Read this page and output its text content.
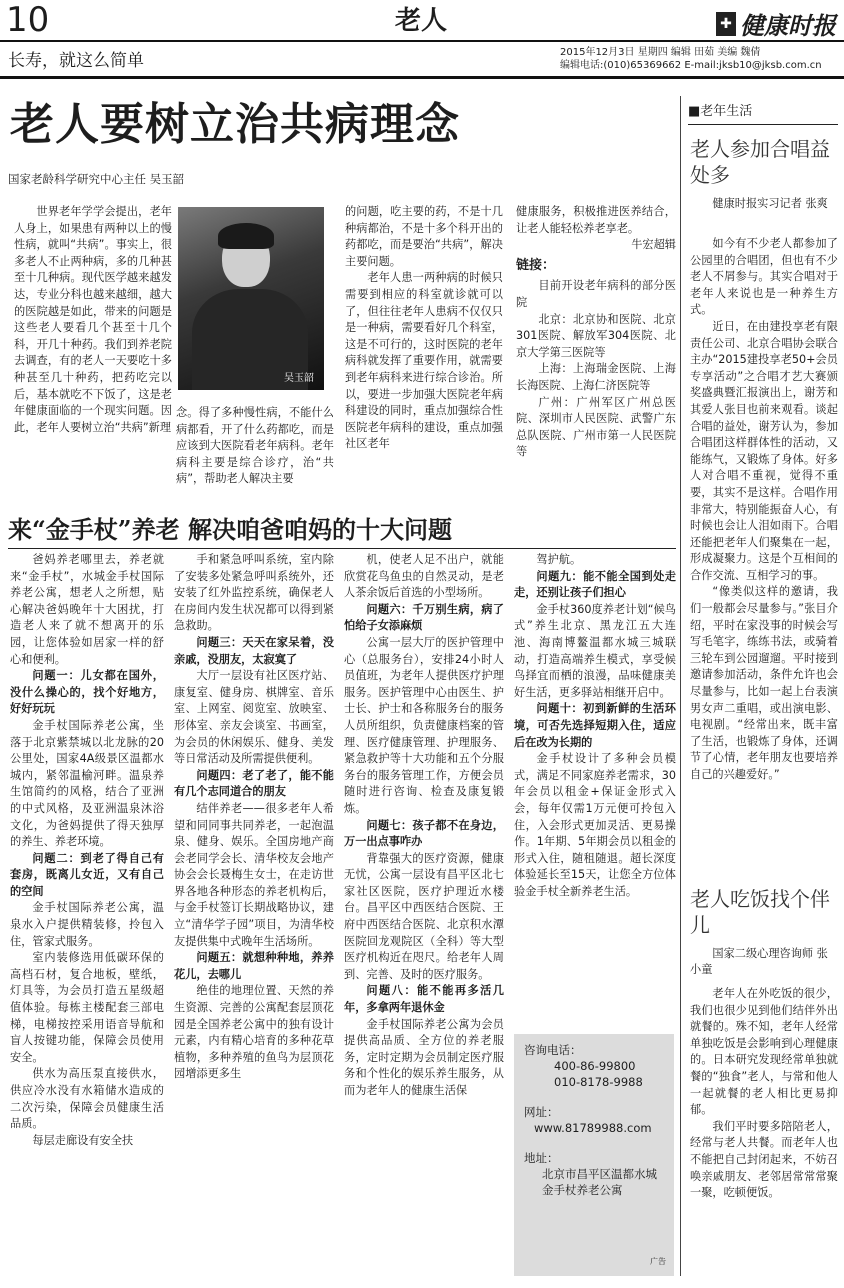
10	老人	✚ 健康时报
长寿，就这么简单	2015年12月3日 星期四 编辑 田茹 美编 魏倩
编辑电话:(010)65369662 E-mail:jksb10@jksb.com.cn
老人要树立治共病理念
国家老龄科学研究中心主任 吴玉韶

世界老年学学会提出，老年人身上，如果患有两种以上的慢性病，就叫“共病”。事实上，很多老人不止两种病，多的几种甚至十几种病。现代医学越来越发达，专业分科也越来越细，越大的医院越是如此，带来的问题是这些老人要看几个甚至十几个科，开几十种药。我们到养老院去调查，有的老人一天要吃十多种甚至几十种药，把药吃完以后，基本就吃不下饭了，这是老年健康面临的一个现实问题。因此，老年人要树立治“共病”新理

吴玉韶

念。得了多种慢性病，不能什么病都看，开了什么药都吃，而是应该到大医院看老年病科。老年病科主要是综合诊疗，治“共病”，帮助老人解决主要

的问题，吃主要的药，不是十几种病都治，不是十多个科开出的药都吃，而是要治“共病”，解决主要问题。

老年人患一两种病的时候只需要到相应的科室就诊就可以了，但往往老年人患病不仅仅只是一种病，需要看好几个科室，这是不可行的，这时医院的老年病科就发挥了重要作用，就需要到老年病科来进行综合诊治。所以，要进一步加强大医院老年病科建设的同时，重点加强综合性医院老年病科的建设，重点加强社区老年

健康服务，积极推进医养结合，让老人能轻松养老享老。

牛宏超辑

链接：

目前开设老年病科的部分医院

北京：北京协和医院、北京301医院、解放军304医院、北京大学第三医院等

上海：上海瑞金医院、上海长海医院、上海仁济医院等

广州：广州军区广州总医院、深圳市人民医院、武警广东总队医院、广州市第一人民医院等

来“金手杖”养老 解决咱爸咱妈的十大问题

爸妈养老哪里去，养老就来“金手杖”，水城金手杖国际养老公寓，想老人之所想，贴心解决爸妈晚年十大困扰，打造老人来了就不想离开的乐园，让您体验如居家一样的舒心和便利。

问题一：儿女都在国外，没什么操心的，找个好地方，好好玩玩

金手杖国际养老公寓，坐落于北京紫禁城以北龙脉的20公里处，国家4A级景区温都水城内，紧邻温榆河畔。温泉养生馆简约的风格，结合了亚洲的中式风格，及亚洲温泉沐浴文化，为爸妈提供了得天独厚的养生、养老环境。

问题二：到老了得自己有套房，既离儿女近，又有自己的空间

金手杖国际养老公寓，温泉水入户提供精装修，拎包入住，管家式服务。

室内装修选用低碳环保的高档石材，复合地板，壁纸，灯具等，为会员打造五星级超值体验。每栋主楼配套三部电梯，电梯按控采用语音导航和盲人按键功能，保障会员使用安全。

供水为高压泵直接供水，供应冷水没有水箱储水造成的二次污染，保障会员健康生活品质。

每层走廊设有安全扶

手和紧急呼叫系统，室内除了安装多处紧急呼叫系统外，还安装了红外监控系统，确保老人在房间内发生状况都可以得到紧急救助。

问题三：天天在家呆着，没亲戚，没朋友，太寂寞了

大厅一层设有社区医疗站、康复室、健身房、棋牌室、音乐室、上网室、阅览室、放映室、形体室、亲友会谈室、书画室，为会员的休闲娱乐、健身、美发等日常活动及所需提供便利。

问题四：老了老了，能不能有几个志同道合的朋友

结伴养老——很多老年人希望和同同事共同养老，一起泡温泉、健身、娱乐。全国房地产商会老同学会长、清华校友会地产协会会长聂梅生女士，在走访世界各地各种形态的养老机构后，与金手杖签订长期战略协议，建立“清华学子园”项目，为清华校友提供集中式晚年生活场所。

问题五：就想种种地，养养花儿，去哪儿

绝佳的地理位置、天然的养生资源、完善的公寓配套层顶花园是全国养老公寓中的独有设计元素，内有精心培育的多种花草植物，多种养殖的鱼鸟为层顶花园增添更多生

机，使老人足不出户，就能欣赏花鸟鱼虫的自然灵动，是老人茶余饭后首选的小型场所。

问题六：千万别生病，病了怕给子女添麻烦

公寓一层大厅的医护管理中心（总服务台），安排24小时人员值班，为老年人提供医疗护理服务。医护管理中心由医生、护士长、护士和各称服务台的服务人员所组织，负责健康档案的管理、医疗健康管理、护理服务、紧急救护等十大功能和五个分服务台的服务管理工作，方便会员随时进行咨询、检查及康复锻炼。

问题七：孩子都不在身边，万一出点事咋办

背靠强大的医疗资源，健康无忧，公寓一层设有昌平区北七家社区医院，医疗护理近水楼台。昌平区中西医结合医院、王府中西医结合医院、北京积水潭医院回龙观院区（全科）等大型医疗机构近在咫尺。给老年人周到、完善、及时的医疗服务。

问题八：能不能再多活几年，多拿两年退休金

金手杖国际养老公寓为会员提供高品质、全方位的养老服务，定时定期为会员制定医疗服务和个性化的娱乐养生服务，从而为老年人的健康生活保

驾护航。

问题九：能不能全国到处走走，还别让孩子们担心

金手杖360度养老计划“候鸟式”养生北京、黑龙江五大连池、海南博鳌温都水城三城联动，打造高端养生模式，享受候鸟择宜而栖的浪漫，品味健康美好生活，更多驿站相继开启中。

问题十：初到新鲜的生活环境，可否先选择短期入住，适应后在改为长期的

金手杖设计了多种会员模式，满足不同家庭养老需求，30年会员以租金+保证金形式入会，每年仅需1万元便可拎包入住，入会形式更加灵活、更易操作。1年期、5年期会员以租金的形式入住，随租随退。超长深度体验延长至15天，让您全方位体验金手杖全新养老生活。

咨询电话：
400-86-99800
010-8178-9988
网址：
www.81789988.com
地址：
北京市昌平区温都水城金手杖养老公寓
广告
■老年生活
老人参加合唱益处多
健康时报实习记者 张爽

如今有不少老人都参加了公园里的合唱团，但也有不少老人不屑参与。其实合唱对于老年人来说也是一种养生方式。

近日，在由建投享老有限责任公司、北京合唱协会联合主办“2015建投享老50+会员专享活动”之合唱才艺大赛颁奖盛典暨汇报演出上，谢芳和其爱人张目也前来观看。谈起合唱的益处，谢芳认为，参加合唱团这样群体性的活动，又能练气，又锻炼了身体。好多人对合唱不重视，觉得不重要，其实不是这样。合唱作用非常大，特别能振奋人心，有时候也会让人泪如雨下。合唱还能把老年人们聚集在一起，形成凝聚力。这是个互相间的合作交流、互相学习的事。

“像类似这样的邀请，我们一般都会尽量参与。”张目介绍，平时在家没事的时候会写写毛笔字，练练书法，或骑着三轮车到公园遛遛。平时接到邀请参加活动，条件允许也会尽量参与，比如一起上台表演男女声二重唱，或出演电影、电视剧。“经常出来，既丰富了生活，也锻炼了身体，还调节了心情，老年朋友也要培养自己的兴趣爱好。”

老人吃饭找个伴儿
国家二级心理咨询师 张小童

老年人在外吃饭的很少，我们也很少见到他们结伴外出就餐的。殊不知，老年人经常单独吃饭是会影响到心理健康的。日本研究发现经常单独就餐的“独食”老人，与常和他人一起就餐的老人相比更易抑郁。

我们平时要多陪陪老人，经常与老人共餐。而老年人也不能把自己封闭起来，不妨召唤亲戚朋友、老邻居常常常聚一聚，吃顿便饭。
